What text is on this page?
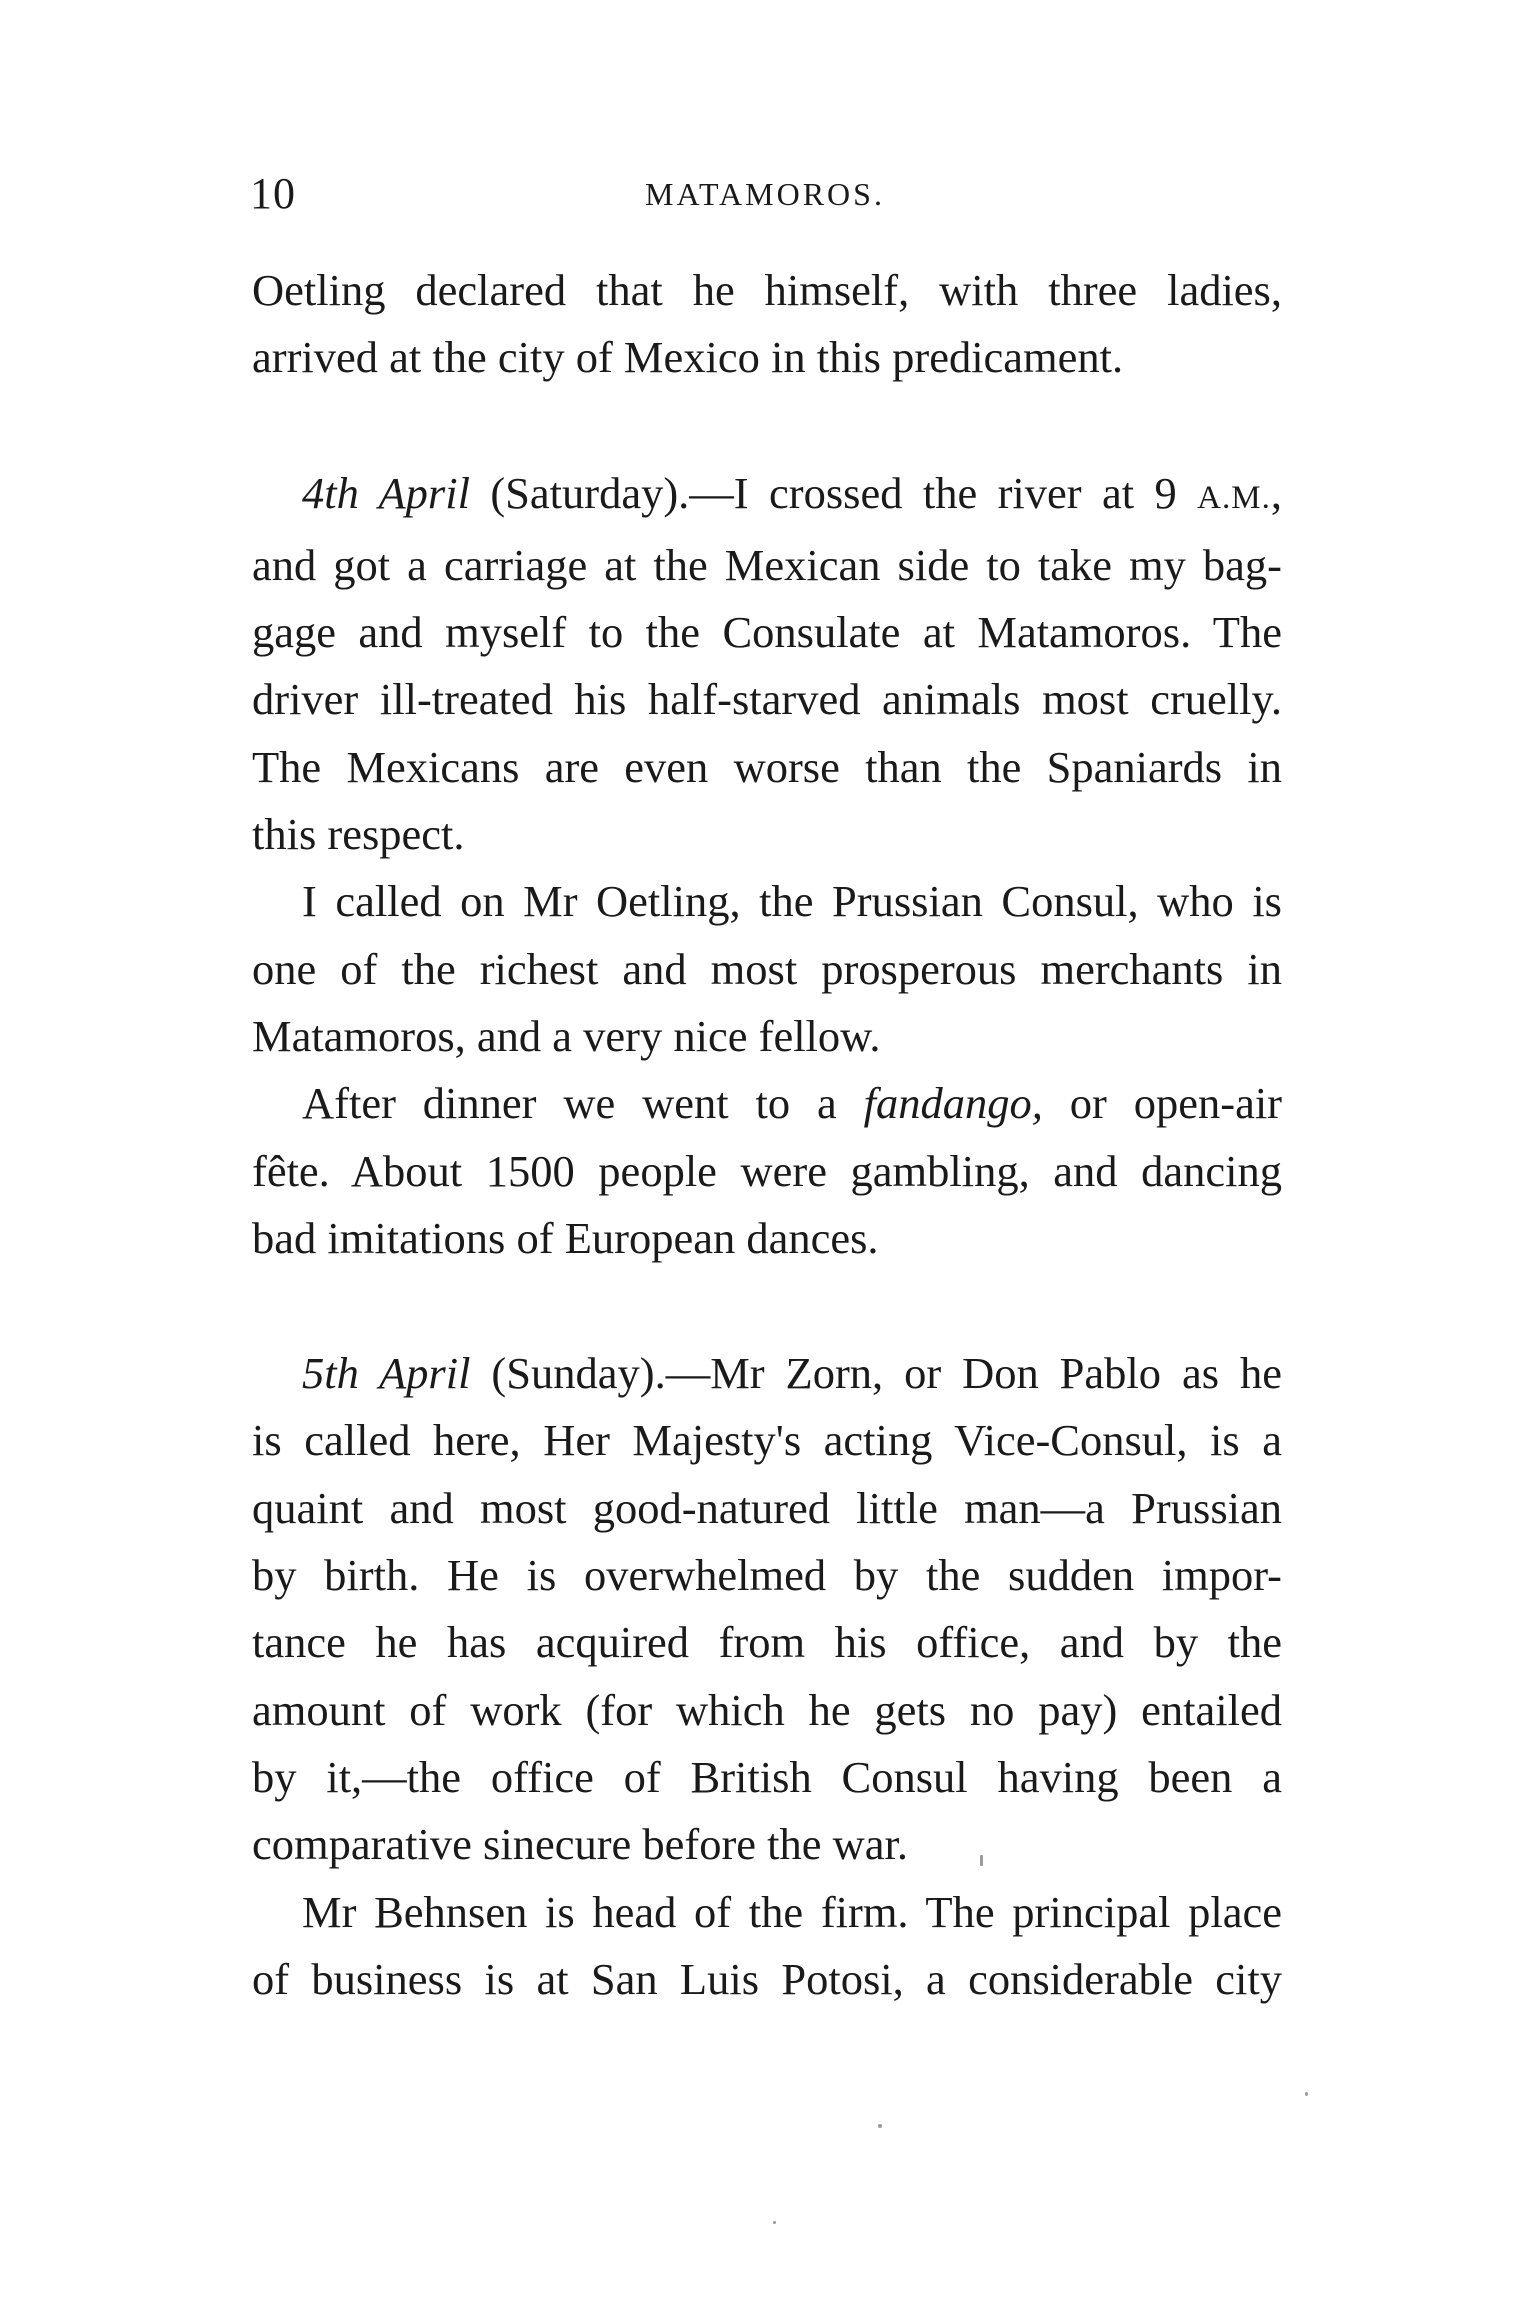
10	MATAMOROS.

Oetling declared that he himself, with three ladies,

arrived at the city of Mexico in this predicament.

4th April (Saturday).—I crossed the river at 9 A.M.,

and got a carriage at the Mexican side to take my bag-

gage and myself to the Consulate at Matamoros. The

driver ill-treated his half-starved animals most cruelly.

The Mexicans are even worse than the Spaniards in

this respect.

I called on Mr Oetling, the Prussian Consul, who is

one of the richest and most prosperous merchants in

Matamoros, and a very nice fellow.

After dinner we went to a fandango, or open-air

fête. About 1500 people were gambling, and dancing

bad imitations of European dances.

5th April (Sunday).—Mr Zorn, or Don Pablo as he

is called here, Her Majesty's acting Vice-Consul, is a

quaint and most good-natured little man—a Prussian

by birth. He is overwhelmed by the sudden impor-

tance he has acquired from his office, and by the

amount of work (for which he gets no pay) entailed

by it,—the office of British Consul having been a

comparative sinecure before the war.

Mr Behnsen is head of the firm. The principal place

of business is at San Luis Potosi, a considerable city
